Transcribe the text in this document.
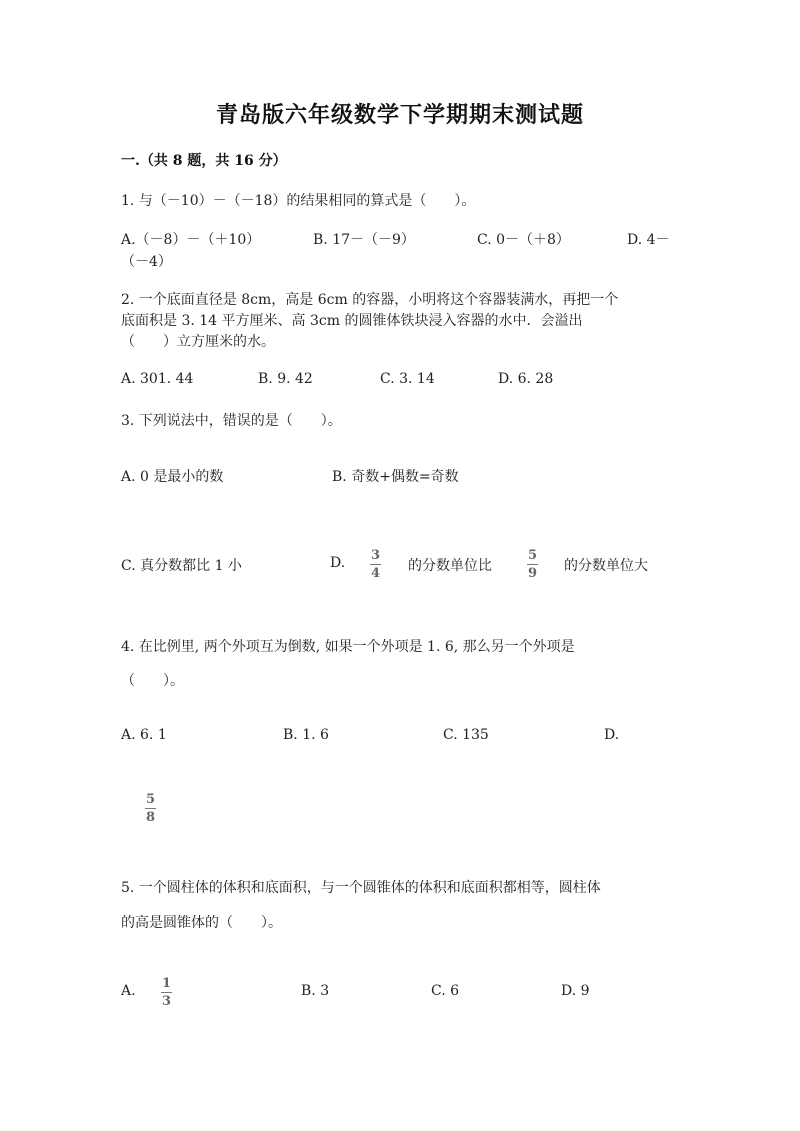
青岛版六年级数学下学期期末测试题
一.（共 8 题，共 16 分）
1. 与（－10）－（－18）的结果相同的算式是（　　）。
A.（－8）－（＋10）	B. 17－（－9）	C. 0－（＋8）	D. 4－
（－4）
2. 一个底面直径是 8cm，高是 6cm 的容器，小明将这个容器装满水，再把一个
底面积是 3. 14 平方厘米、高 3cm 的圆锥体铁块浸入容器的水中．会溢出
（　　）立方厘米的水。
A. 301. 44	B. 9. 42	C. 3. 14	D. 6. 28
3. 下列说法中，错误的是（　　）。
A. 0 是最小的数	B. 奇数+偶数=奇数
C. 真分数都比 1 小	D. 3
4 的分数单位比
5
9 的分数单位大
4. 在比例里, 两个外项互为倒数, 如果一个外项是 1. 6, 那么另一个外项是
（　　）。
A. 6. 1	B. 1. 6	C. 135	D.
5
8
5. 一个圆柱体的体积和底面积，与一个圆锥体的体积和底面积都相等，圆柱体
的高是圆锥体的（　　）。
A. 1
3
B. 3	C. 6	D. 9
